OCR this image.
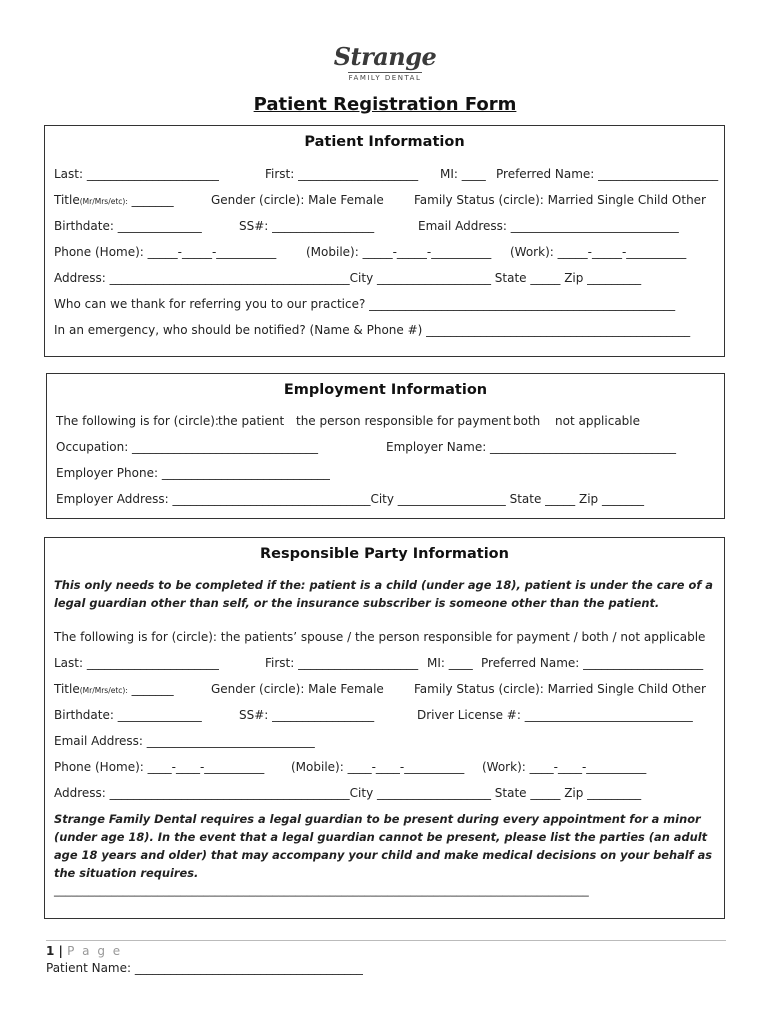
Strange
FAMILY DENTAL
Patient Registration Form
Patient Information
Last: ______________________	First: ____________________ MI: ____ Preferred Name: ____________________
Title(Mr/Mrs/etc): _______	Gender (circle): Male Female	Family Status (circle): Married Single Child Other
Birthdate: ______________	SS#: _________________	Email Address: ____________________________
Phone (Home): _____-_____-__________ (Mobile): _____-_____-__________ (Work): _____-_____-__________
Address: ________________________________________City ___________________ State _____ Zip _________
Who can we thank for referring you to our practice? ___________________________________________________
In an emergency, who should be notified? (Name & Phone #) ____________________________________________
Employment Information
The following is for (circle): the patient the person responsible for payment both not applicable
Occupation: _______________________________	Employer Name: _______________________________
Employer Phone: ____________________________
Employer Address: _________________________________City __________________ State _____ Zip _______
Responsible Party Information
This only needs to be completed if the: patient is a child (under age 18), patient is under the care of a legal guardian other than self, or the insurance subscriber is someone other than the patient.
The following is for (circle): the patients’ spouse / the person responsible for payment / both / not applicable
Last: ______________________	First: ____________________ MI: ____ Preferred Name: ____________________
Title(Mr/Mrs/etc): _______	Gender (circle): Male Female	Family Status (circle): Married Single Child Other
Birthdate: ______________	SS#: _________________	Driver License #: ____________________________
Email Address: ____________________________
Phone (Home): ____-____-__________ (Mobile): ____-____-__________ (Work): ____-____-__________
Address: ________________________________________City ___________________ State _____ Zip _________
Strange Family Dental requires a legal guardian to be present during every appointment for a minor (under age 18). In the event that a legal guardian cannot be present, please list the parties (an adult age 18 years and older) that may accompany your child and make medical decisions on your behalf as the situation requires.
_____________________________________________________________________________________________
1 | P a g e
Patient Name: ______________________________________
